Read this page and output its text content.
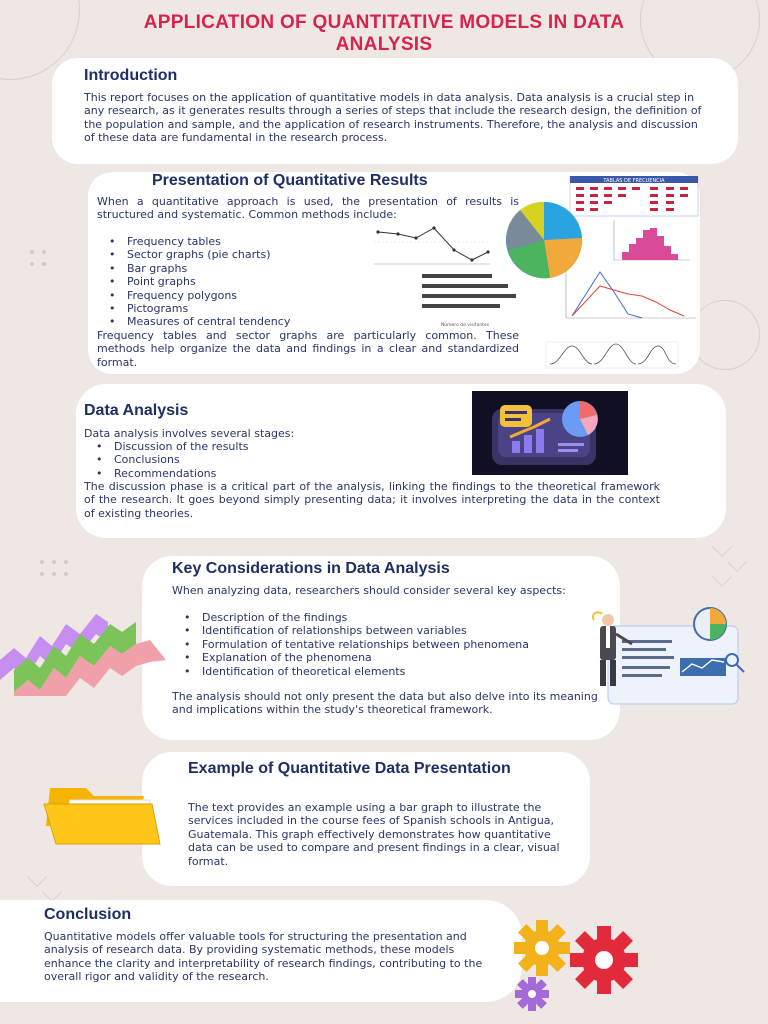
APPLICATION OF QUANTITATIVE MODELS IN DATA ANALYSIS
Introduction
This report focuses on the application of quantitative models in data analysis. Data analysis is a crucial step in any research, as it generates results through a series of steps that include the research design, the definition of the population and sample, and the application of research instruments. Therefore, the analysis and discussion of these data are fundamental in the research process.
Presentation of Quantitative Results
When a quantitative approach is used, the presentation of results is structured and systematic. Common methods include:
• Frequency tables
• Sector graphs (pie charts)
• Bar graphs
• Point graphs
• Frequency polygons
• Pictograms
• Measures of central tendency
Frequency tables and sector graphs are particularly common. These methods help organize the data and findings in a clear and standardized format.
TABLAS DE FRECUENCIA
Número de visitantes
Data Analysis
Data analysis involves several stages:
• Discussion of the results
• Conclusions
• Recommendations
The discussion phase is a critical part of the analysis, linking the findings to the theoretical framework of the research. It goes beyond simply presenting data; it involves interpreting the data in the context of existing theories.
Key Considerations in Data Analysis
When analyzing data, researchers should consider several key aspects:
• Description of the findings
• Identification of relationships between variables
• Formulation of tentative relationships between phenomena
• Explanation of the phenomena
• Identification of theoretical elements
The analysis should not only present the data but also delve into its meaning and implications within the study's theoretical framework.
Example of Quantitative Data Presentation
The text provides an example using a bar graph to illustrate the services included in the course fees of Spanish schools in Antigua, Guatemala. This graph effectively demonstrates how quantitative data can be used to compare and present findings in a clear, visual format.
Conclusion
Quantitative models offer valuable tools for structuring the presentation and analysis of research data. By providing systematic methods, these models enhance the clarity and interpretability of research findings, contributing to the overall rigor and validity of the research.
